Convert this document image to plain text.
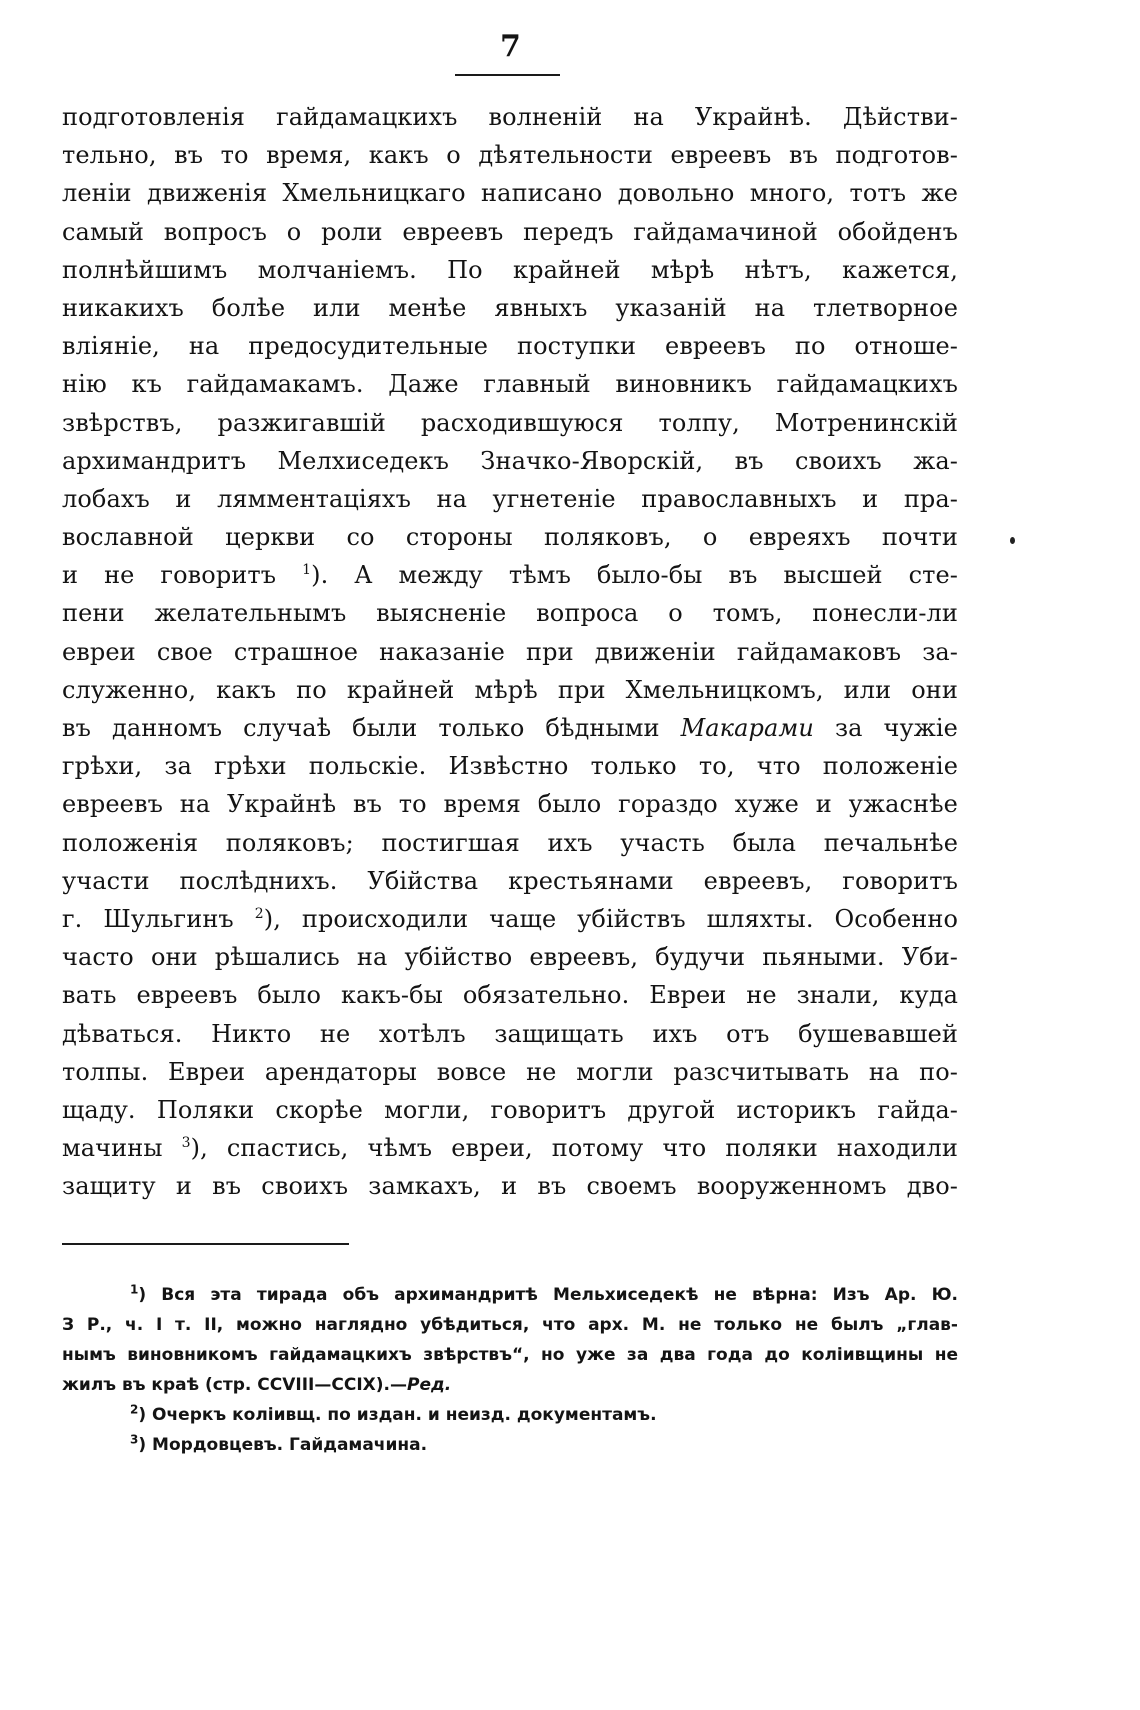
7
подготовленія гайдамацкихъ волненій на Украйнѣ. Дѣйстви-
тельно, въ то время, какъ о дѣятельности евреевъ въ подготов-
леніи движенія Хмельницкаго написано довольно много, тотъ же
самый вопросъ о роли евреевъ передъ гайдамачиной обойденъ
полнѣйшимъ молчаніемъ. По крайней мѣрѣ нѣтъ, кажется,
никакихъ болѣе или менѣе явныхъ указаній на тлетворное
вліяніе, на предосудительные поступки евреевъ по отноше-
нію къ гайдамакамъ. Даже главный виновникъ гайдамацкихъ
звѣрствъ, разжигавшій расходившуюся толпу, Мотренинскій
архимандритъ Мелхиседекъ Значко-Яворскій, въ своихъ жа-
лобахъ и лямментаціяхъ на угнетеніе православныхъ и пра-
вославной церкви со стороны поляковъ, о евреяхъ почти
и не говоритъ $^1$). А между тѣмъ было-бы въ высшей сте-
пени желательнымъ выясненіе вопроса о томъ, понесли-ли
евреи свое страшное наказаніе при движеніи гайдамаковъ за-
служенно, какъ по крайней мѣрѣ при Хмельницкомъ, или они
въ данномъ случаѣ были только бѣдными Макарами за чужіе
грѣхи, за грѣхи польскіе. Извѣстно только то, что положеніе
евреевъ на Украйнѣ въ то время было гораздо хуже и ужаснѣе
положенія поляковъ; постигшая ихъ участь была печальнѣе
участи послѣднихъ. Убійства крестьянами евреевъ, говоритъ
г. Шульгинъ $^2$), происходили чаще убійствъ шляхты. Особенно
часто они рѣшались на убійство евреевъ, будучи пьяными. Уби-
вать евреевъ было какъ-бы обязательно. Евреи не знали, куда
дѣваться. Никто не хотѣлъ защищать ихъ отъ бушевавшей
толпы. Евреи арендаторы вовсе не могли разсчитывать на по-
щаду. Поляки скорѣе могли, говоритъ другой историкъ гайда-
мачины $^3$), спастись, чѣмъ евреи, потому что поляки находили
защиту и въ своихъ замкахъ, и въ своемъ вооруженномъ дво-
$^1$) Вся эта тирада объ архимандритѣ Мельхиседекѣ не вѣрна: Изъ Ар. Ю.
З Р., ч. I т. II, можно наглядно убѣдиться, что арх. М. не только не былъ „глав-
нымъ виновникомъ гайдамацкихъ звѣрствъ“, но уже за два года до коліивщины не
жилъ въ краѣ (стр. CCVIII—CCIX).—Ред.
$^2$) Очеркъ коліивщ. по издан. и неизд. документамъ.
$^3$) Мордовцевъ. Гайдамачина.
